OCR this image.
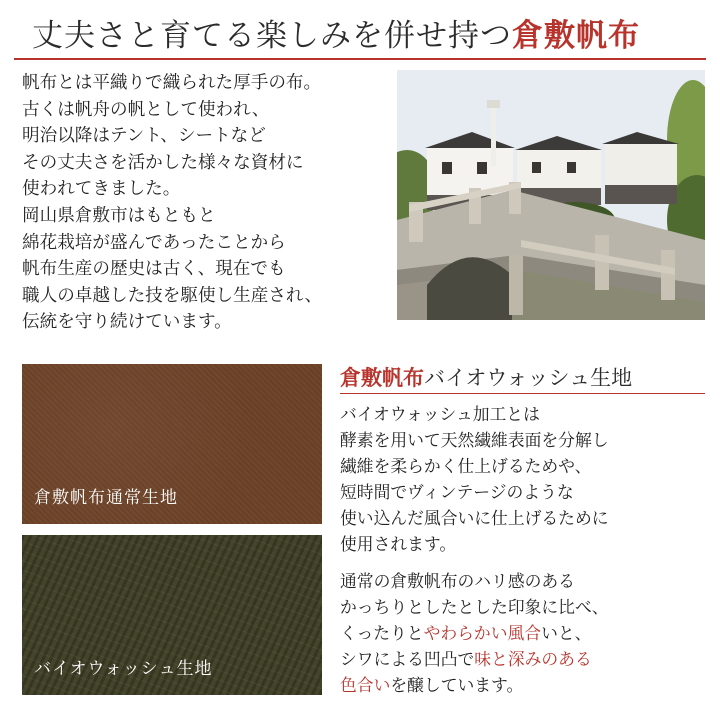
丈夫さと育てる楽しみを併せ持つ倉敷帆布

帆布とは平織りで織られた厚手の布。

古くは帆舟の帆として使われ、

明治以降はテント、シートなど

その丈夫さを活かした様々な資材に

使われてきました。

岡山県倉敷市はもともと

綿花栽培が盛んであったことから

帆布生産の歴史は古く、現在でも

職人の卓越した技を駆使し生産され、

伝統を守り続けています。

倉敷帆布通常生地
バイオウォッシュ生地
倉敷帆布バイオウォッシュ生地

バイオウォッシュ加工とは

酵素を用いて天然繊維表面を分解し

繊維を柔らかく仕上げるためや、

短時間でヴィンテージのような

使い込んだ風合いに仕上げるために

使用されます。

通常の倉敷帆布のハリ感のある

かっちりとしたとした印象に比べ、

くったりとやわらかい風合いと、

シワによる凹凸で味と深みのある

色合いを醸しています。
